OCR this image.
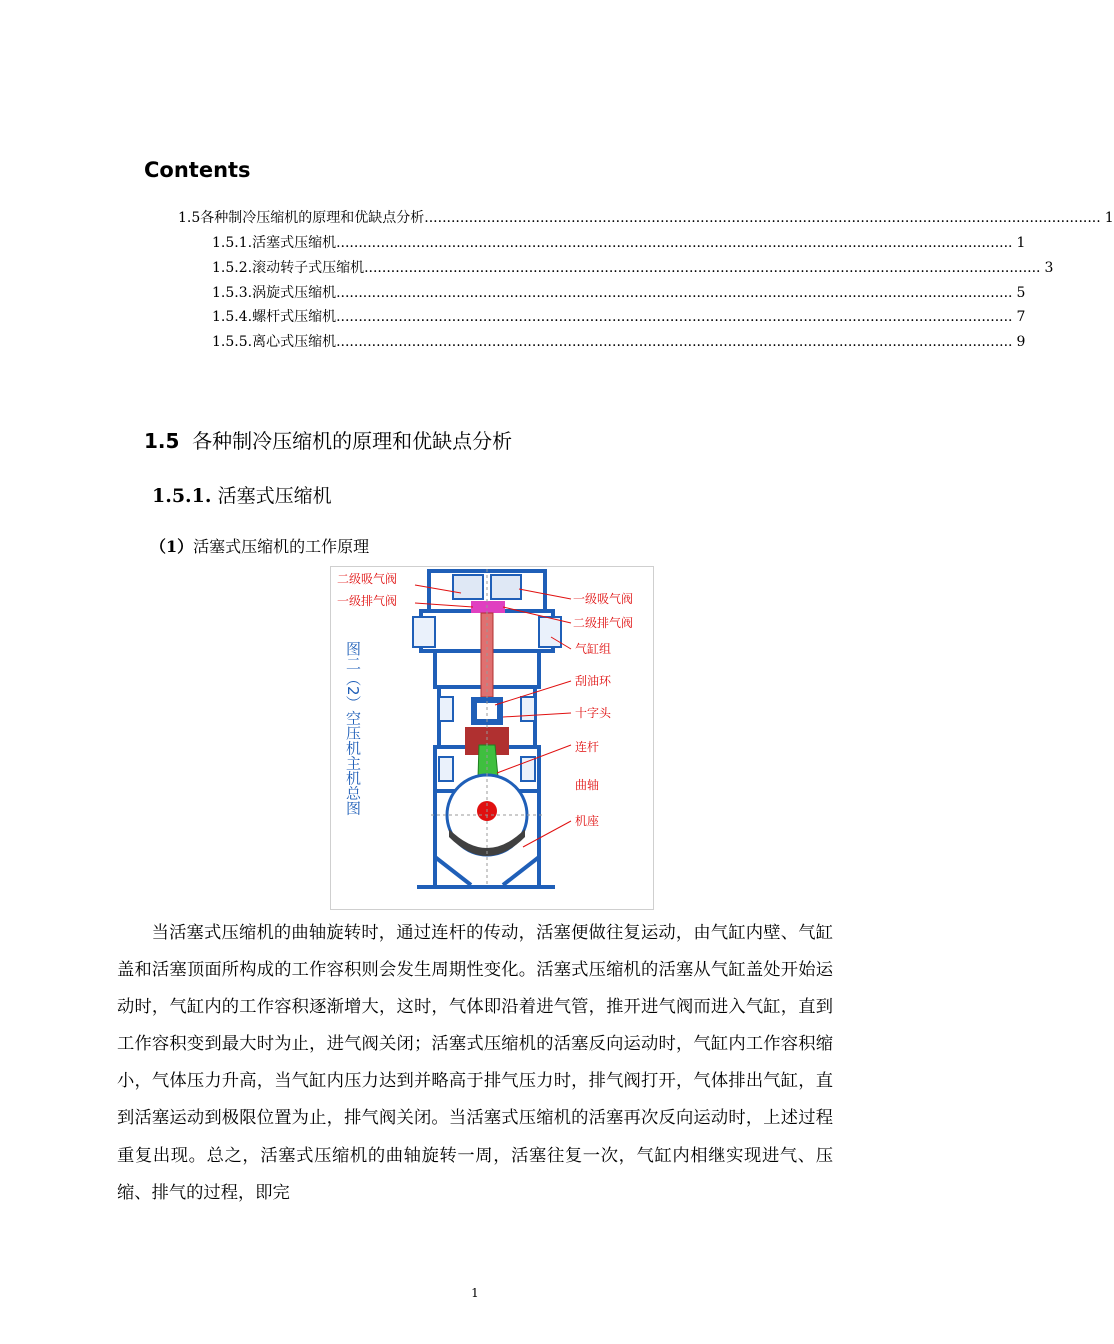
Contents
1.5 各种制冷压缩机的原理和优缺点分析 ........................................................................................................................................................ 1
1.5.1. 活塞式压缩机 ........................................................................................................................................................ 1
1.5.2. 滚动转子式压缩机 ........................................................................................................................................................ 3
1.5.3. 涡旋式压缩机 ........................................................................................................................................................ 5
1.5.4. 螺杆式压缩机 ........................................................................................................................................................ 7
1.5.5. 离心式压缩机 ........................................................................................................................................................ 9
1.5 各种制冷压缩机的原理和优缺点分析
1.5.1. 活塞式压缩机
（1）活塞式压缩机的工作原理
二级吸气阀
一级排气阀	一级吸气阀
二级排气阀
气缸组
刮油环
十字头
连杆
曲轴
机座
图二（2）空压机主机总图
当活塞式压缩机的曲轴旋转时，通过连杆的传动，活塞便做往复运动，由气缸内壁、气缸盖和活塞顶面所构成的工作容积则会发生周期性变化。活塞式压缩机的活塞从气缸盖处开始运动时，气缸内的工作容积逐渐增大，这时，气体即沿着进气管，推开进气阀而进入气缸，直到工作容积变到最大时为止，进气阀关闭；活塞式压缩机的活塞反向运动时，气缸内工作容积缩小，气体压力升高，当气缸内压力达到并略高于排气压力时，排气阀打开，气体排出气缸，直到活塞运动到极限位置为止，排气阀关闭。当活塞式压缩机的活塞再次反向运动时，上述过程重复出现。总之，活塞式压缩机的曲轴旋转一周，活塞往复一次，气缸内相继实现进气、压缩、排气的过程，即完
1
